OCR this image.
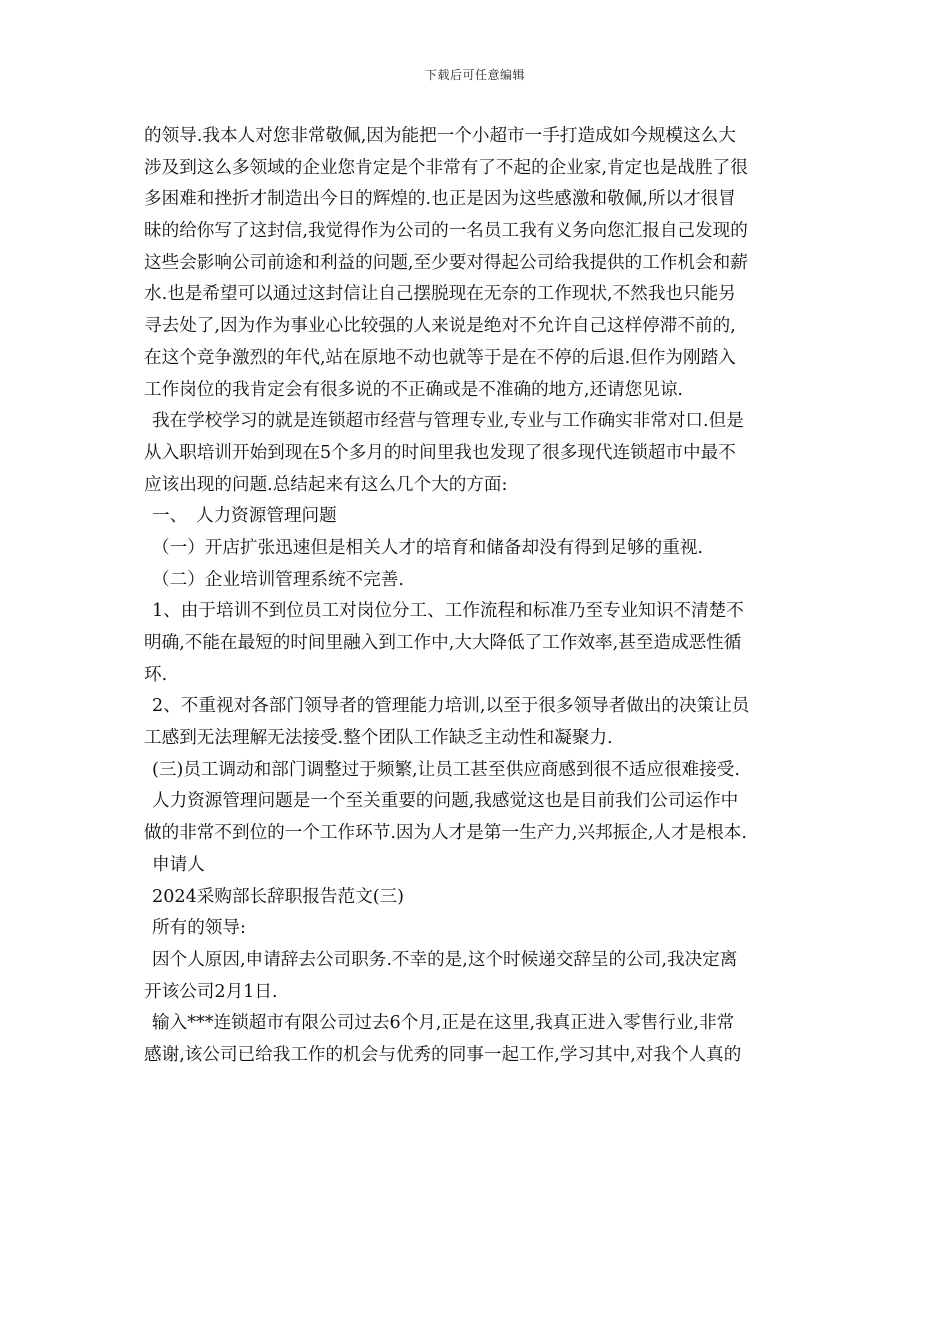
下载后可任意编辑
的领导.我本人对您非常敬佩,因为能把一个小超市一手打造成如今规模这么大
涉及到这么多领域的企业您肯定是个非常有了不起的企业家,肯定也是战胜了很
多困难和挫折才制造出今日的辉煌的.也正是因为这些感激和敬佩,所以才很冒
昧的给你写了这封信,我觉得作为公司的一名员工我有义务向您汇报自己发现的
这些会影响公司前途和利益的问题,至少要对得起公司给我提供的工作机会和薪
水.也是希望可以通过这封信让自己摆脱现在无奈的工作现状,不然我也只能另
寻去处了,因为作为事业心比较强的人来说是绝对不允许自己这样停滞不前的,
在这个竞争激烈的年代,站在原地不动也就等于是在不停的后退.但作为刚踏入
工作岗位的我肯定会有很多说的不正确或是不准确的地方,还请您见谅.
我在学校学习的就是连锁超市经营与管理专业,专业与工作确实非常对口.但是
从入职培训开始到现在5个多月的时间里我也发现了很多现代连锁超市中最不
应该出现的问题.总结起来有这么几个大的方面:
一、　人力资源管理问题
（一）开店扩张迅速但是相关人才的培育和储备却没有得到足够的重视.
（二）企业培训管理系统不完善.
1、由于培训不到位员工对岗位分工、工作流程和标准乃至专业知识不清楚不
明确,不能在最短的时间里融入到工作中,大大降低了工作效率,甚至造成恶性循
环.
2、不重视对各部门领导者的管理能力培训,以至于很多领导者做出的决策让员
工感到无法理解无法接受.整个团队工作缺乏主动性和凝聚力.
(三)员工调动和部门调整过于频繁,让员工甚至供应商感到很不适应很难接受.
人力资源管理问题是一个至关重要的问题,我感觉这也是目前我们公司运作中
做的非常不到位的一个工作环节.因为人才是第一生产力,兴邦振企,人才是根本.
申请人
2024采购部长辞职报告范文(三)
所有的领导:
因个人原因,申请辞去公司职务.不幸的是,这个时候递交辞呈的公司,我决定离
开该公司2月1日.
输入***连锁超市有限公司过去6个月,正是在这里,我真正进入零售行业,非常
感谢,该公司已给我工作的机会与优秀的同事一起工作,学习其中,对我个人真的
